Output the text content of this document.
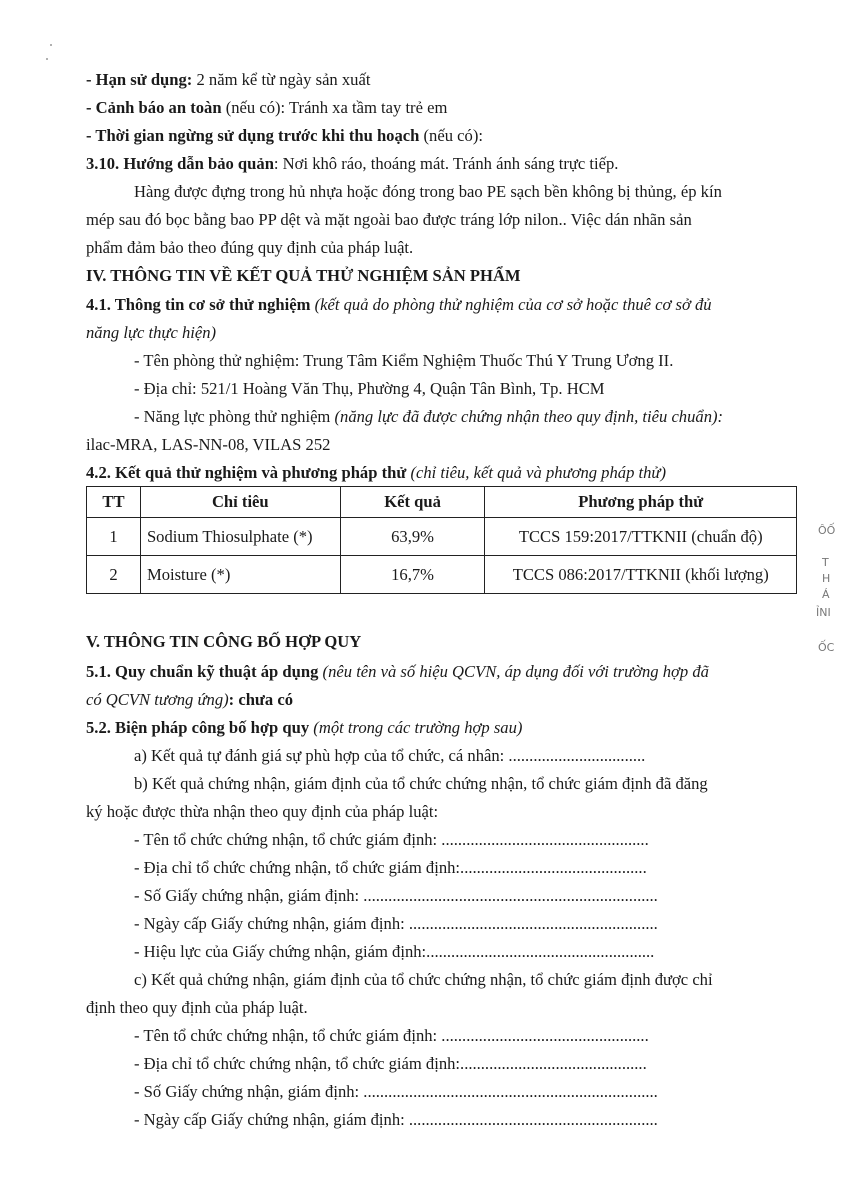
- Hạn sử dụng: 2 năm kể từ ngày sản xuất
- Cảnh báo an toàn (nếu có): Tránh xa tầm tay trẻ em
- Thời gian ngừng sử dụng trước khi thu hoạch (nếu có):
3.10. Hướng dẫn bảo quản: Nơi khô ráo, thoáng mát. Tránh ánh sáng trực tiếp.
Hàng được đựng trong hủ nhựa hoặc đóng trong bao PE sạch bền không bị thủng, ép kín
mép sau đó bọc bằng bao PP dệt và mặt ngoài bao được tráng lớp nilon.. Việc dán nhãn sản
phẩm đảm bảo theo đúng quy định của pháp luật.
IV. THÔNG TIN VỀ KẾT QUẢ THỬ NGHIỆM SẢN PHẨM
4.1. Thông tin cơ sở thử nghiệm (kết quả do phòng thử nghiệm của cơ sở hoặc thuê cơ sở đủ
năng lực thực hiện)
- Tên phòng thử nghiệm: Trung Tâm Kiểm Nghiệm Thuốc Thú Y Trung Ương II.
- Địa chỉ: 521/1 Hoàng Văn Thụ, Phường 4, Quận Tân Bình, Tp. HCM
- Năng lực phòng thử nghiệm (năng lực đã được chứng nhận theo quy định, tiêu chuẩn):
ilac-MRA, LAS-NN-08, VILAS 252
4.2. Kết quả thử nghiệm và phương pháp thử (chỉ tiêu, kết quả và phương pháp thử)
TT	Chỉ tiêu	Kết quả	Phương pháp thử
1	Sodium Thiosulphate (*)	63,9%	TCCS 159:2017/TTKNII (chuẩn độ)
2	Moisture (*)	16,7%	TCCS 086:2017/TTKNII (khối lượng)
V. THÔNG TIN CÔNG BỐ HỢP QUY
5.1. Quy chuẩn kỹ thuật áp dụng (nêu tên và số hiệu QCVN, áp dụng đối với trường hợp đã
có QCVN tương ứng): chưa có
5.2. Biện pháp công bố hợp quy (một trong các trường hợp sau)
a) Kết quả tự đánh giá sự phù hợp của tổ chức, cá nhân: .................................
b) Kết quả chứng nhận, giám định của tổ chức chứng nhận, tổ chức giám định đã đăng
ký hoặc được thừa nhận theo quy định của pháp luật:
- Tên tổ chức chứng nhận, tổ chức giám định: ..................................................
- Địa chỉ tổ chức chứng nhận, tổ chức giám định:.............................................
- Số Giấy chứng nhận, giám định: .......................................................................
- Ngày cấp Giấy chứng nhận, giám định: ............................................................
- Hiệu lực của Giấy chứng nhận, giám định:.......................................................
c) Kết quả chứng nhận, giám định của tổ chức chứng nhận, tổ chức giám định được chỉ
định theo quy định của pháp luật.
- Tên tổ chức chứng nhận, tổ chức giám định: ..................................................
- Địa chỉ tổ chức chứng nhận, tổ chức giám định:.............................................
- Số Giấy chứng nhận, giám định: .......................................................................
- Ngày cấp Giấy chứng nhận, giám định: ............................................................
ÔỐ
T
H
Á
ỈNI
ỐC
